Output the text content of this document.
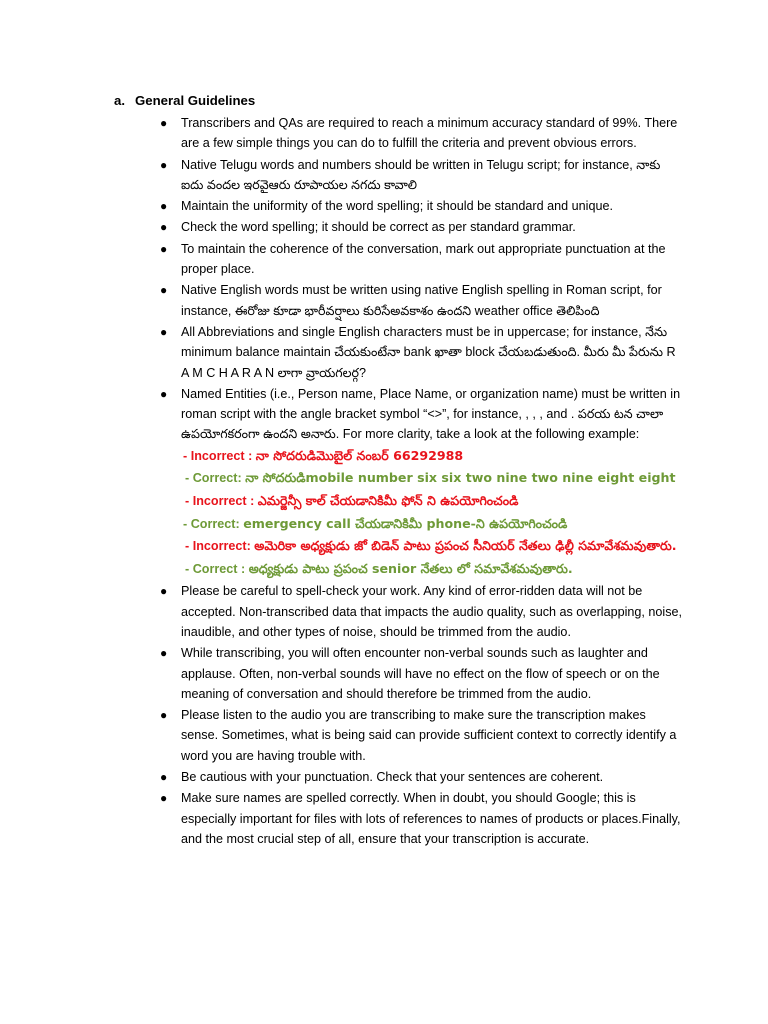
a. General Guidelines
● Transcribers and QAs are required to reach a minimum accuracy standard of 99%. There are a few simple things you can do to fulfill the criteria and prevent obvious errors.
● Native Telugu words and numbers should be written in Telugu script; for instance, నాకు ఐదు వందల ఇరవైఆరు రూపాయల నగదు కావాలి
● Maintain the uniformity of the word spelling; it should be standard and unique.
● Check the word spelling; it should be correct as per standard grammar.
● To maintain the coherence of the conversation, mark out appropriate punctuation at the proper place.
● Native English words must be written using native English spelling in Roman script, for instance, ఈరోజు కూడా భారీవర్షాలు కురిసేఅవకాశం ఉందని weather office తెలిపింది
● All Abbreviations and single English characters must be in uppercase; for instance, నేను minimum balance maintain చేయకుంటేనా bank ఖాతా block చేయబడుతుంది. మీరు మీ పేరును R A M C H A R A N లాగా వ్రాయగలర్గ?
● Named Entities (i.e., Person name, Place Name, or organization name) must be written in roman script with the angle bracket symbol “<>”, for instance, , , , and . పరయ టన చాలా ఉపయోగకరంగా ఉందని అనారు. For more clarity, take a look at the following example:
- Incorrect : నా సోదరుడిమొబైల్ నంబర్ 66292988
- Correct: నా సోదరుడిmobile number six six two nine two nine eight eight
- Incorrect : ఎమర్జెన్సీ కాల్ చేయడానికిమీ ఫోన్ ని ఉపయోగించండి
- Correct: emergency call చేయడానికిమీ phone-ని ఉపయోగించండి
- Incorrect: అమెరికా అధ్యక్షుడు జో బిడెన్ పాటు ప్రపంచ సీనియర్ నేతలు ఢిల్లీ సమావేశమవుతారు.
- Correct : అధ్యక్షుడు పాటు ప్రపంచ senior నేతలు లో సమావేశమవుతారు.
● Please be careful to spell-check your work. Any kind of error-ridden data will not be accepted. Non-transcribed data that impacts the audio quality, such as overlapping, noise, inaudible, and other types of noise, should be trimmed from the audio.
● While transcribing, you will often encounter non-verbal sounds such as laughter and applause. Often, non-verbal sounds will have no effect on the flow of speech or on the meaning of conversation and should therefore be trimmed from the audio.
● Please listen to the audio you are transcribing to make sure the transcription makes sense. Sometimes, what is being said can provide sufficient context to correctly identify a word you are having trouble with.
● Be cautious with your punctuation. Check that your sentences are coherent.
● Make sure names are spelled correctly. When in doubt, you should Google; this is especially important for files with lots of references to names of products or places.Finally, and the most crucial step of all, ensure that your transcription is accurate.
